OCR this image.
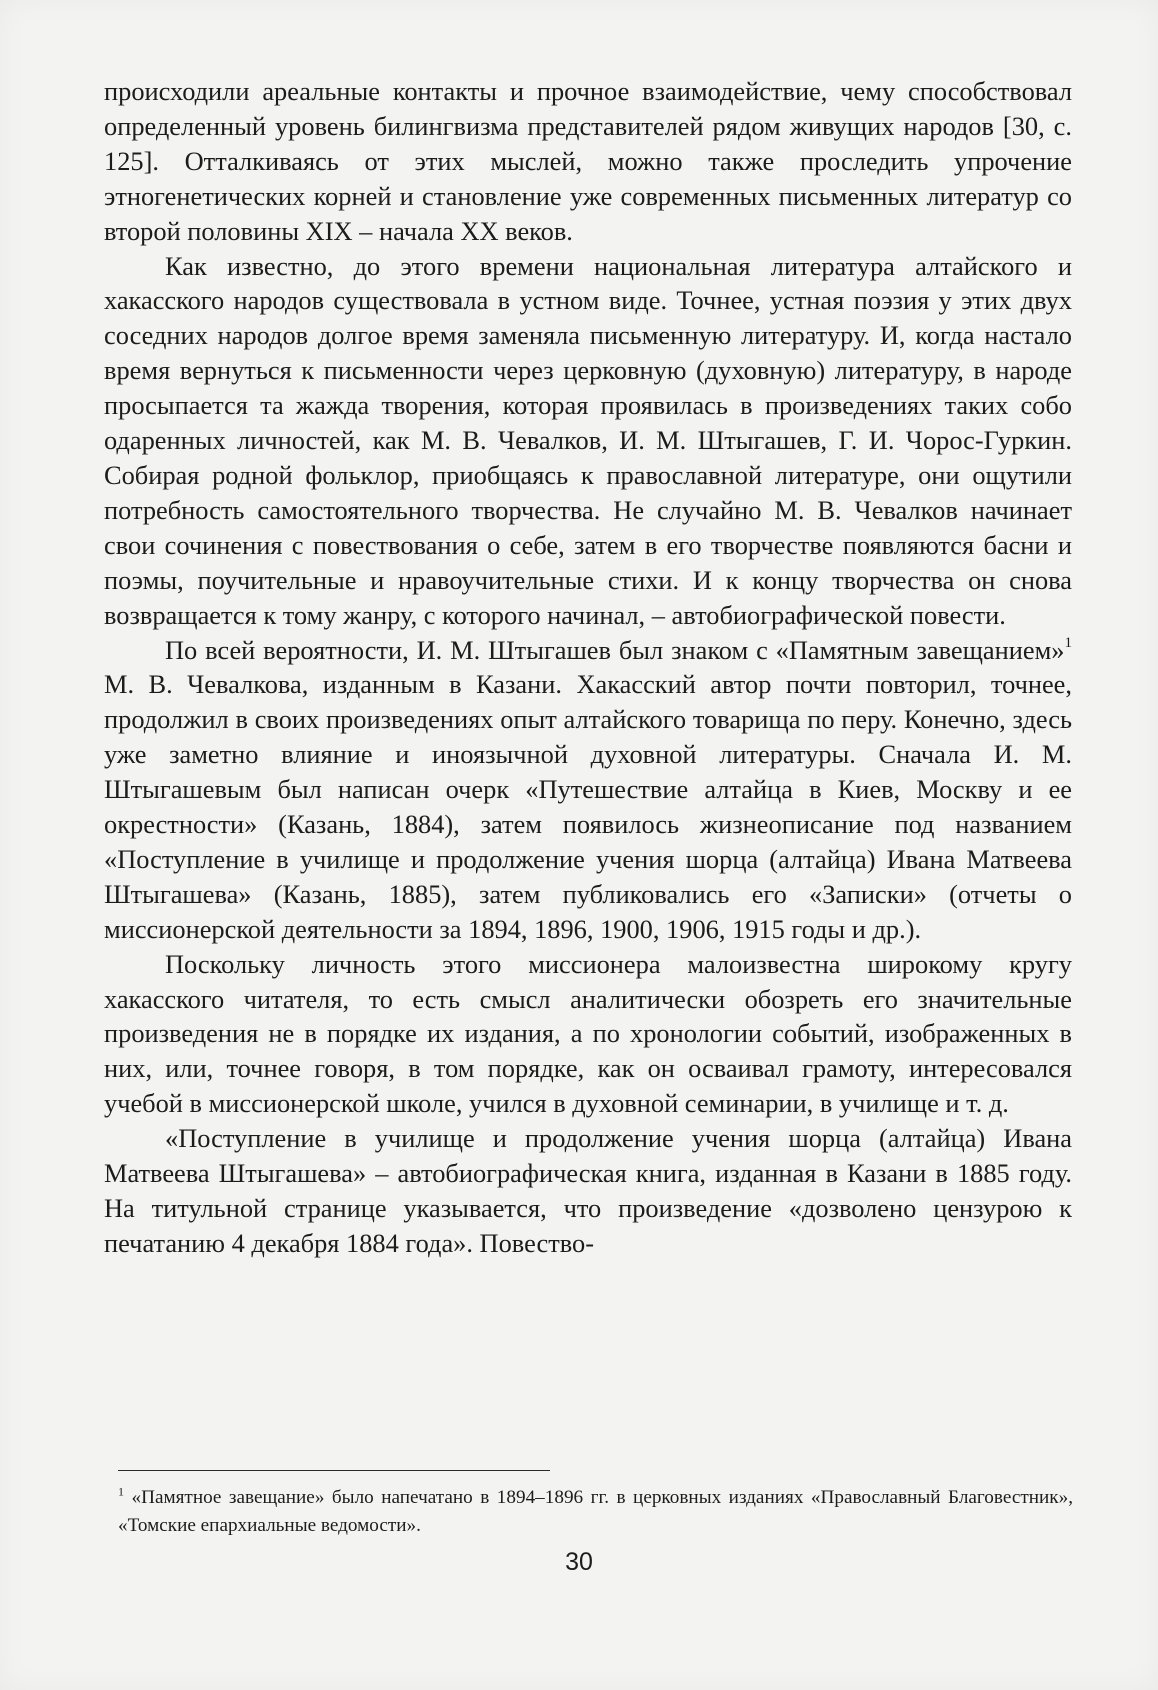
происходили ареальные контакты и прочное взаимодействие, чему способствовал определенный уровень билингвизма представителей рядом живущих народов [30, с. 125]. Отталкиваясь от этих мыслей, можно также проследить упрочение этногенетических корней и становление уже современных письменных литератур со второй половины XIX – начала XX веков.

Как известно, до этого времени национальная литература алтайского и хакасского народов существовала в устном виде. Точнее, устная поэзия у этих двух соседних народов долгое время заменяла письменную литературу. И, когда настало время вернуться к письменности через церковную (духовную) литературу, в народе просыпается та жажда творения, которая проявилась в произведениях таких собо одаренных личностей, как М. В. Чевалков, И. М. Штыгашев, Г. И. Чорос-Гуркин. Собирая родной фольклор, приобщаясь к православной литературе, они ощутили потребность самостоятельного творчества. Не случайно М. В. Чевалков начинает свои сочинения с повествования о себе, затем в его творчестве появляются басни и поэмы, поучительные и нравоучительные стихи. И к концу творчества он снова возвращается к тому жанру, с которого начинал, – автобиографической повести.

По всей вероятности, И. М. Штыгашев был знаком с «Памятным завещанием»$^1$ М. В. Чевалкова, изданным в Казани. Хакасский автор почти повторил, точнее, продолжил в своих произведениях опыт алтайского товарища по перу. Конечно, здесь уже заметно влияние и иноязычной духовной литературы. Сначала И. М. Штыгашевым был написан очерк «Путешествие алтайца в Киев, Москву и ее окрестности» (Казань, 1884), затем появилось жизнеописание под названием «Поступление в училище и продолжение учения шорца (алтайца) Ивана Матвеева Штыгашева» (Казань, 1885), затем публиковались его «Записки» (отчеты о миссионерской деятельности за 1894, 1896, 1900, 1906, 1915 годы и др.).

Поскольку личность этого миссионера малоизвестна широкому кругу хакасского читателя, то есть смысл аналитически обозреть его значительные произведения не в порядке их издания, а по хронологии событий, изображенных в них, или, точнее говоря, в том порядке, как он осваивал грамоту, интересовался учебой в миссионерской школе, учился в духовной семинарии, в училище и т. д.

«Поступление в училище и продолжение учения шорца (алтайца) Ивана Матвеева Штыгашева» – автобиографическая книга, изданная в Казани в 1885 году. На титульной странице указывается, что произведение «дозволено цензурою к печатанию 4 декабря 1884 года». Повество-

$^1$ «Памятное завещание» было напечатано в 1894–1896 гг. в церковных изданиях «Православный Благовестник», «Томские епархиальные ведомости».
30
